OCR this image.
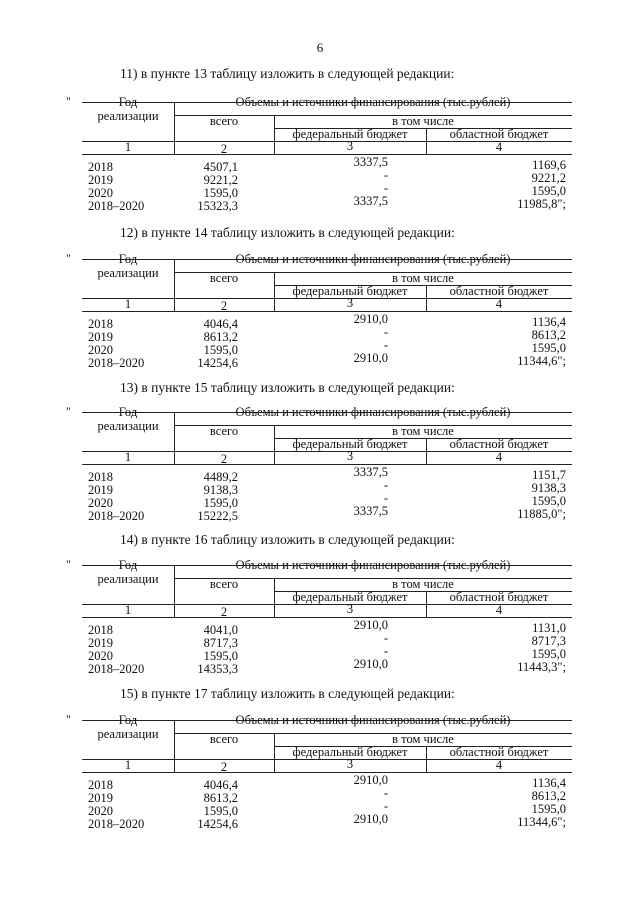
6
11) в пункте 13 таблицу изложить в следующей редакции:
"	Год
реализации
Объемы и источники финансирования (тыс.рублей)
всего	в том числе
федеральный бюджет	областной бюджет
1	2	3	4
2018	4507,1	3337,5	1169,6
2019	9221,2	-	9221,2
2020	1595,0	-	1595,0
2018–2020	15323,3	3337,5	11985,8";
12) в пункте 14 таблицу изложить в следующей редакции:
"	Год
реализации
Объемы и источники финансирования (тыс.рублей)
всего	в том числе
федеральный бюджет	областной бюджет
1	2	3	4
2018	4046,4	2910,0	1136,4
2019	8613,2	-	8613,2
2020	1595,0	-	1595,0
2018–2020	14254,6	2910,0	11344,6";
13) в пункте 15 таблицу изложить в следующей редакции:
"	Год
реализации
Объемы и источники финансирования (тыс.рублей)
всего	в том числе
федеральный бюджет	областной бюджет
1	2	3	4
2018	4489,2	3337,5	1151,7
2019	9138,3	-	9138,3
2020	1595,0	-	1595,0
2018–2020	15222,5	3337,5	11885,0";
14) в пункте 16 таблицу изложить в следующей редакции:
"	Год
реализации
Объемы и источники финансирования (тыс.рублей)
всего	в том числе
федеральный бюджет	областной бюджет
1	2	3	4
2018	4041,0	2910,0	1131,0
2019	8717,3	-	8717,3
2020	1595,0	-	1595,0
2018–2020	14353,3	2910,0	11443,3";
15) в пункте 17 таблицу изложить в следующей редакции:
"	Год
реализации
Объемы и источники финансирования (тыс.рублей)
всего	в том числе
федеральный бюджет	областной бюджет
1	2	3	4
2018	4046,4	2910,0	1136,4
2019	8613,2	-	8613,2
2020	1595,0	-	1595,0
2018–2020	14254,6	2910,0	11344,6";
